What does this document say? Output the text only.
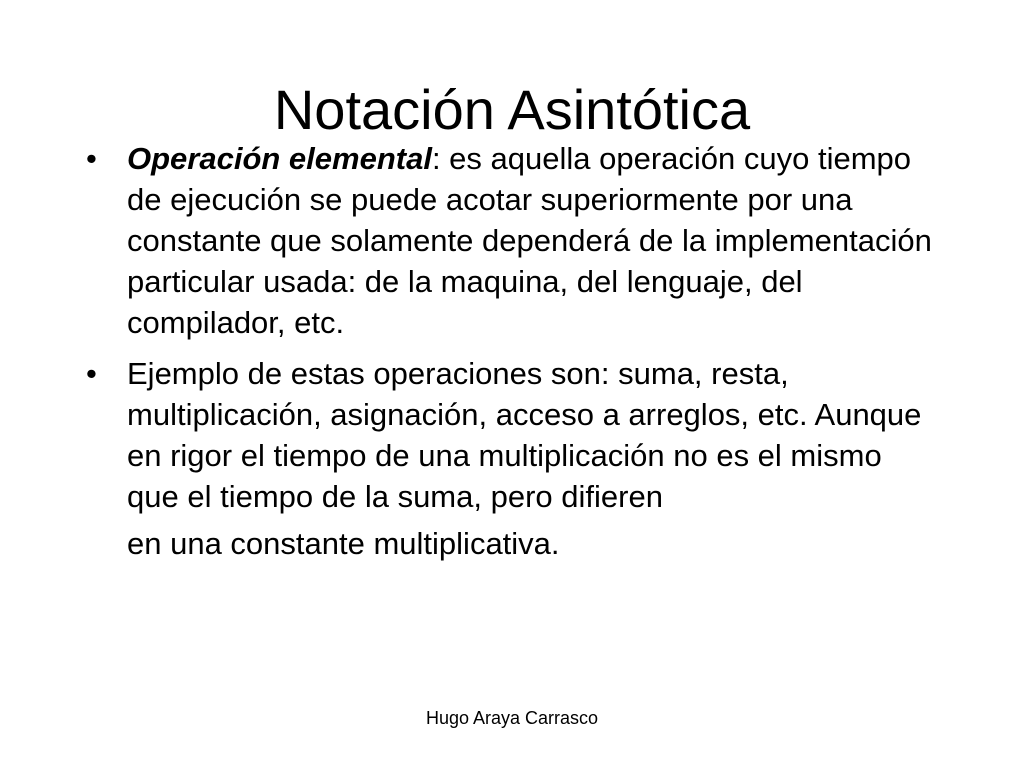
Notación Asintótica
• Operación elemental: es aquella operación cuyo tiempo de ejecución se puede acotar superiormente por una constante que solamente dependerá de la implementación particular usada: de la maquina, del lenguaje, del compilador, etc.
• Ejemplo de estas operaciones son: suma, resta, multiplicación, asignación, acceso a arreglos, etc. Aunque en rigor el tiempo de una multiplicación no es el mismo que el tiempo de la suma, pero difieren en una constante multiplicativa.
Hugo Araya Carrasco
